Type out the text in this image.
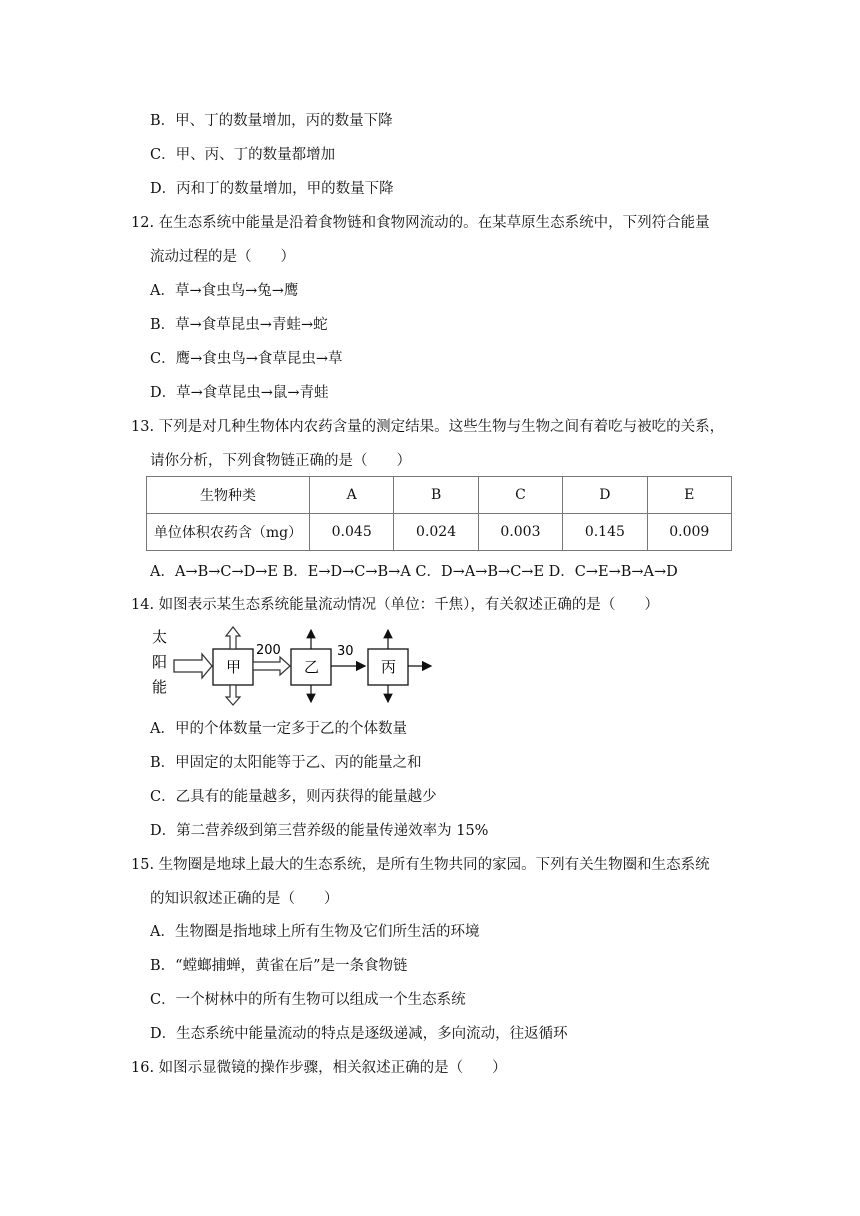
B．甲、丁的数量增加，丙的数量下降
C．甲、丙、丁的数量都增加
D．丙和丁的数量增加，甲的数量下降
12. 在生态系统中能量是沿着食物链和食物网流动的。在某草原生态系统中，下列符合能量
流动过程的是（　　）
A．草→食虫鸟→兔→鹰
B．草→食草昆虫→青蛙→蛇
C．鹰→食虫鸟→食草昆虫→草
D．草→食草昆虫→鼠→青蛙
13. 下列是对几种生物体内农药含量的测定结果。这些生物与生物之间有着吃与被吃的关系，
请你分析，下列食物链正确的是（　　）
生物种类	A	B	C	D	E
单位体积农药含（mg）	0.045	0.024	0.003	0.145	0.009
A．A→B→C→D→E B．E→D→C→B→A C．D→A→B→C→E D．C→E→B→A→D
14. 如图表示某生态系统能量流动情况（单位：千焦），有关叙述正确的是（　　）
太
阳
能
甲
200
乙
30
丙
A．甲的个体数量一定多于乙的个体数量
B．甲固定的太阳能等于乙、丙的能量之和
C．乙具有的能量越多，则丙获得的能量越少
D．第二营养级到第三营养级的能量传递效率为 15%
15. 生物圈是地球上最大的生态系统，是所有生物共同的家园。下列有关生物圈和生态系统
的知识叙述正确的是（　　）
A．生物圈是指地球上所有生物及它们所生活的环境
B．“螳螂捕蝉，黄雀在后”是一条食物链
C．一个树林中的所有生物可以组成一个生态系统
D．生态系统中能量流动的特点是逐级递减，多向流动，往返循环
16. 如图示显微镜的操作步骤，相关叙述正确的是（　　）
